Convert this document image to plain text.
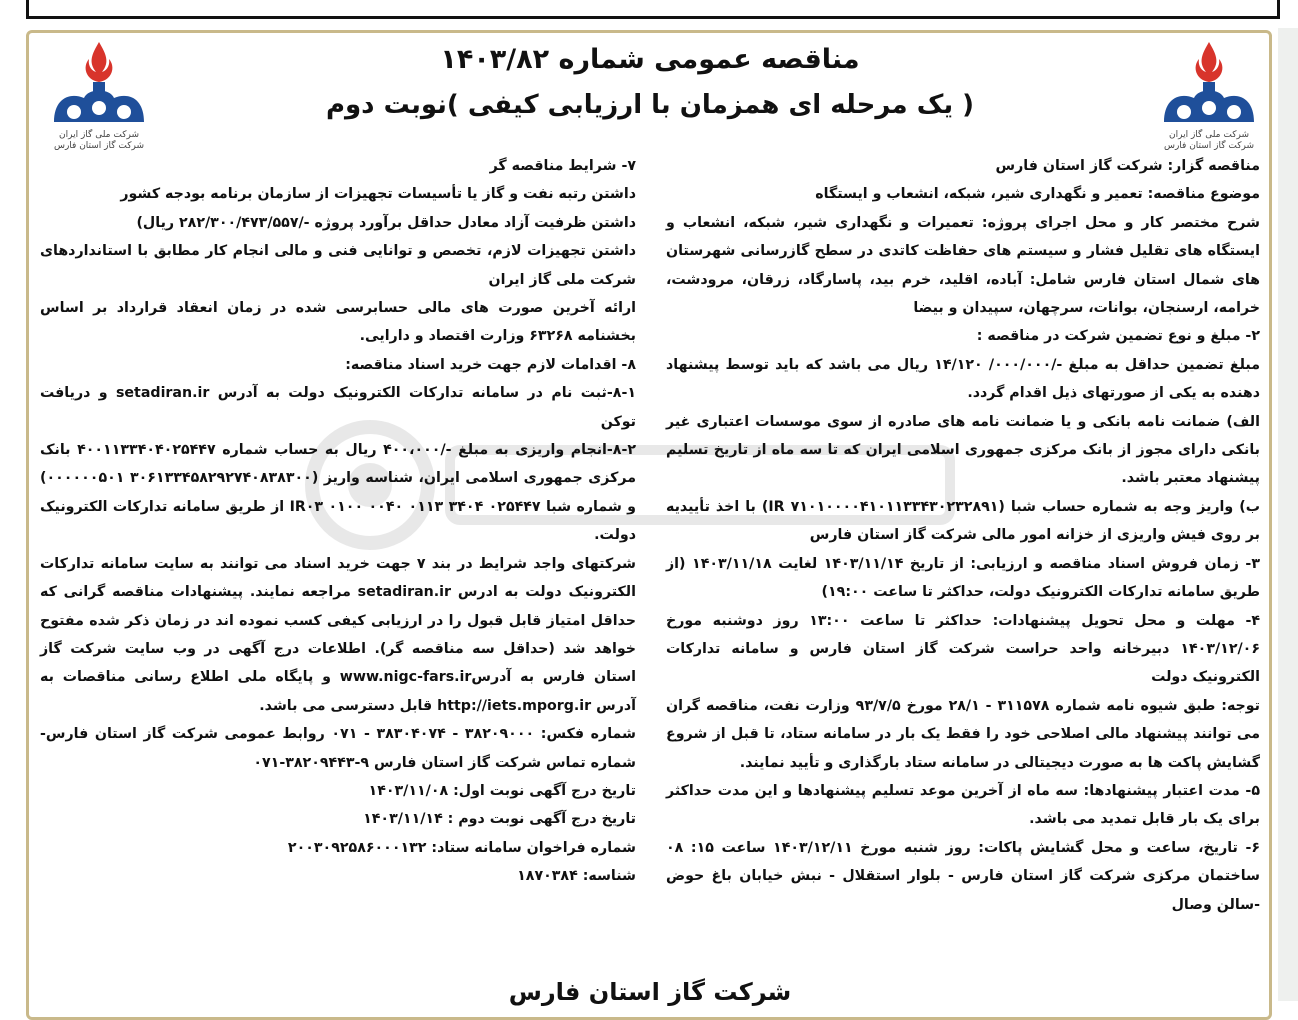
شرکت ملی گاز ایران
شرکت گاز استان فارس
شرکت ملی گاز ایران
شرکت گاز استان فارس
مناقصه عمومی شماره ۱۴۰۳/۸۲
( یک مرحله ای همزمان با ارزیابی کیفی )نوبت دوم

مناقصه گزار: شرکت گاز استان فارس

موضوع مناقصه: تعمیر و نگهداری شیر، شبکه، انشعاب و ایستگاه

شرح مختصر کار و محل اجرای پروژه: تعمیرات و نگهداری شیر، شبکه، انشعاب و ایستگاه های تقلیل فشار و سیستم های حفاظت کاتدی در سطح گازرسانی شهرستان های شمال استان فارس شامل: آباده، اقلید، خرم بید، پاسارگاد، زرقان، مرودشت، خرامه، ارسنجان، بوانات، سرچهان، سپیدان و بیضا

۲- مبلغ و نوع تضمین شرکت در مناقصه :

مبلغ تضمین حداقل به مبلغ -/۰۰۰/۰۰۰/ ۱۴/۱۲۰ ریال می باشد که باید توسط پیشنهاد دهنده به یکی از صورتهای ذیل اقدام گردد.

الف) ضمانت نامه بانکی و یا ضمانت نامه های صادره از سوی موسسات اعتباری غیر بانکی دارای مجوز از بانک مرکزی جمهوری اسلامی ایران که تا سه ماه از تاریخ تسلیم پیشنهاد معتبر باشد.

ب) واریز وجه به شماره حساب شبا (IR ۷۱۰۱۰۰۰۰۴۱۰۱۱۳۳۴۳۰۲۳۲۸۹۱) با اخذ تأییدیه بر روی فیش واریزی از خزانه امور مالی شرکت گاز استان فارس

۳- زمان فروش اسناد مناقصه و ارزیابی: از تاریخ ۱۴۰۳/۱۱/۱۴ لغایت ۱۴۰۳/۱۱/۱۸ (از طریق سامانه تدارکات الکترونیک دولت، حداکثر تا ساعت ۱۹:۰۰)

۴- مهلت و محل تحویل پیشنهادات: حداکثر تا ساعت ۱۳:۰۰ روز دوشنبه مورخ ۱۴۰۳/۱۲/۰۶ دبیرخانه واحد حراست شرکت گاز استان فارس و سامانه تدارکات الکترونیک دولت

توجه: طبق شیوه نامه شماره ۳۱۱۵۷۸ - ۲۸/۱ مورخ ۹۳/۷/۵ وزارت نفت، مناقصه گران می توانند پیشنهاد مالی اصلاحی خود را فقط یک بار در سامانه ستاد، تا قبل از شروع گشایش پاکت ها به صورت دیجیتالی در سامانه ستاد بارگذاری و تأیید نمایند.

۵- مدت اعتبار پیشنهادها: سه ماه از آخرین موعد تسلیم پیشنهادها و این مدت حداکثر برای یک بار قابل تمدید می باشد.

۶- تاریخ، ساعت و محل گشایش پاکات: روز شنبه مورخ ۱۴۰۳/۱۲/۱۱ ساعت ۱۵: ۰۸ ساختمان مرکزی شرکت گاز استان فارس - بلوار استقلال - نبش خیابان باغ حوض -سالن وصال

۷- شرایط مناقصه گر

داشتن رتبه نفت و گاز یا تأسیسات تجهیزات از سازمان برنامه بودجه کشور

داشتن ظرفیت آزاد معادل حداقل برآورد پروژه -/۲۸۲/۳۰۰/۴۷۳/۵۵۷ ریال)

داشتن تجهیزات لازم، تخصص و توانایی فنی و مالی انجام کار مطابق با استانداردهای شرکت ملی گاز ایران

ارائه آخرین صورت های مالی حسابرسی شده در زمان انعقاد قرارداد بر اساس بخشنامه ۶۳۲۶۸ وزارت اقتصاد و دارایی.

۸- اقدامات لازم جهت خرید اسناد مناقصه:

۸-۱-ثبت نام در سامانه تدارکات الکترونیک دولت به آدرس setadiran.ir و دریافت توکن

۸-۲-انجام واریزی به مبلغ -/۴۰۰،۰۰۰ ریال به حساب شماره ۴۰۰۱۱۳۳۴۰۴۰۲۵۴۴۷ بانک مرکزی جمهوری اسلامی ایران، شناسه واریز (۳۰۶۱۳۳۴۵۸۲۹۲۷۴۰۸۳۸۳۰۰ ۰۰۰۰۰۰۵۰۱) و شماره شبا IR۰۳ ۰۱۰۰ ۰۰۴۰ ۰۱۱۳ ۳۴۰۴ ۰۲۵۴۴۷ از طریق سامانه تدارکات الکترونیک دولت.

شرکتهای واجد شرایط در بند ۷ جهت خرید اسناد می توانند به سایت سامانه تدارکات الکترونیک دولت به ادرس setadiran.ir مراجعه نمایند. پیشنهادات مناقصه گرانی که حداقل امتیاز قابل قبول را در ارزیابی کیفی کسب نموده اند در زمان ذکر شده مفتوح خواهد شد (حداقل سه مناقصه گر). اطلاعات درج آگهی در وب سایت شرکت گاز استان فارس به آدرسwww.nigc-fars.ir و پایگاه ملی اطلاع رسانی مناقصات به آدرس http://iets.mporg.ir قابل دسترسی می باشد.

شماره فکس: ۳۸۲۰۹۰۰۰ - ۳۸۳۰۴۰۷۴ - ۰۷۱ روابط عمومی شرکت گاز استان فارس- شماره تماس شرکت گاز استان فارس ۹-۳۸۲۰۹۴۴۳-۰۷۱

تاریخ درج آگهی نوبت اول: ۱۴۰۳/۱۱/۰۸

تاریخ درج آگهی نوبت دوم : ۱۴۰۳/۱۱/۱۴

شماره فراخوان سامانه ستاد: ۲۰۰۳۰۹۲۵۸۶۰۰۰۱۳۲

شناسه: ۱۸۷۰۳۸۴

شرکت گاز استان فارس
